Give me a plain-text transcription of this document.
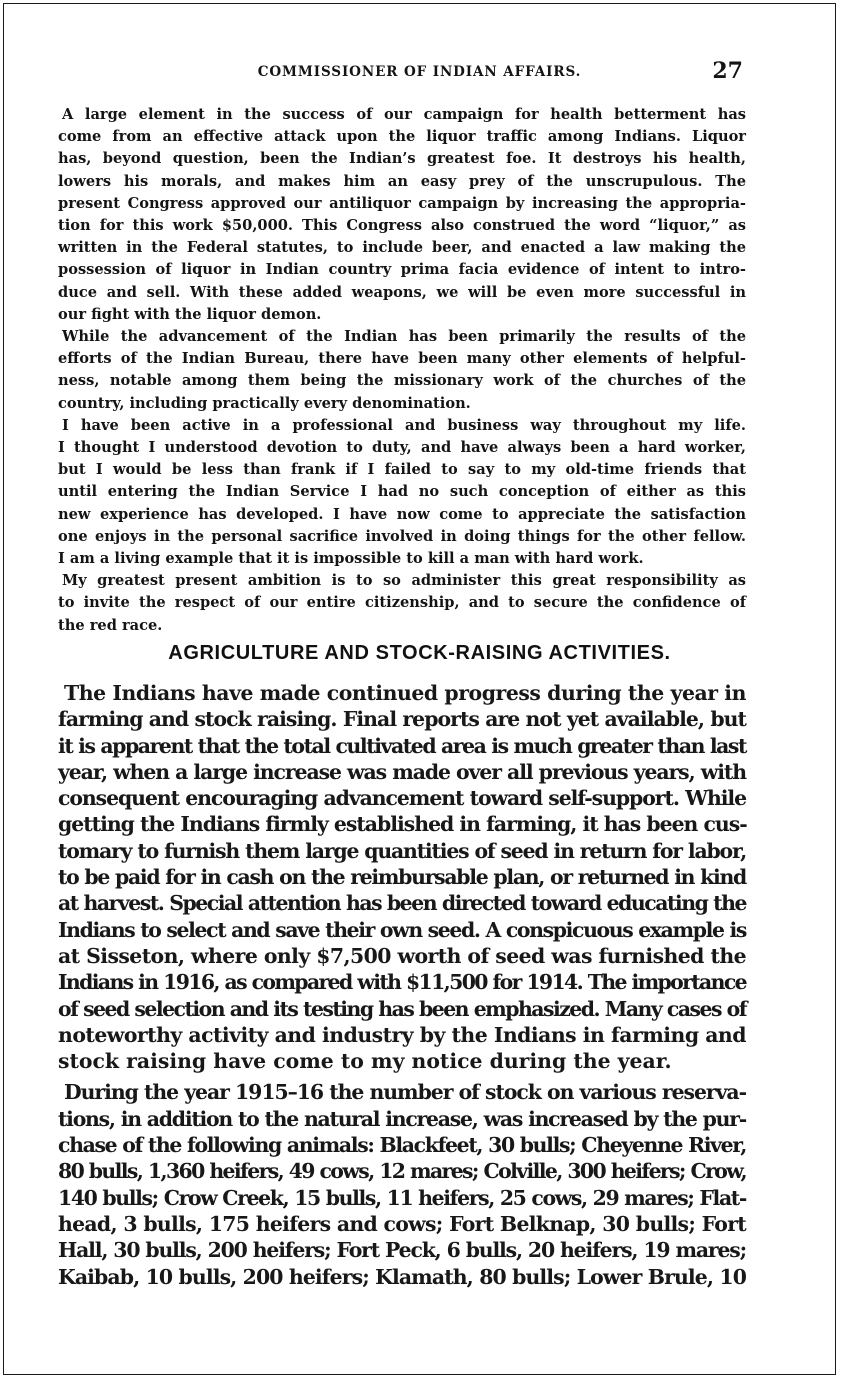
COMMISSIONER OF INDIAN AFFAIRS.	27
A large element in the success of our campaign for health betterment has
come from an effective attack upon the liquor traffic among Indians. Liquor
has, beyond question, been the Indian’s greatest foe. It destroys his health,
lowers his morals, and makes him an easy prey of the unscrupulous. The
present Congress approved our antiliquor campaign by increasing the appropria-
tion for this work $50,000. This Congress also construed the word “liquor,” as
written in the Federal statutes, to include beer, and enacted a law making the
possession of liquor in Indian country prima facia evidence of intent to intro-
duce and sell. With these added weapons, we will be even more successful in
our fight with the liquor demon.
While the advancement of the Indian has been primarily the results of the
efforts of the Indian Bureau, there have been many other elements of helpful-
ness, notable among them being the missionary work of the churches of the
country, including practically every denomination.
I have been active in a professional and business way throughout my life.
I thought I understood devotion to duty, and have always been a hard worker,
but I would be less than frank if I failed to say to my old-time friends that
until entering the Indian Service I had no such conception of either as this
new experience has developed. I have now come to appreciate the satisfaction
one enjoys in the personal sacrifice involved in doing things for the other fellow.
I am a living example that it is impossible to kill a man with hard work.
My greatest present ambition is to so administer this great responsibility as
to invite the respect of our entire citizenship, and to secure the confidence of
the red race.
AGRICULTURE AND STOCK-RAISING ACTIVITIES.
The Indians have made continued progress during the year in
farming and stock raising. Final reports are not yet available, but
it is apparent that the total cultivated area is much greater than last
year, when a large increase was made over all previous years, with
consequent encouraging advancement toward self-support. While
getting the Indians firmly established in farming, it has been cus-
tomary to furnish them large quantities of seed in return for labor,
to be paid for in cash on the reimbursable plan, or returned in kind
at harvest. Special attention has been directed toward educating the
Indians to select and save their own seed. A conspicuous example is
at Sisseton, where only $7,500 worth of seed was furnished the
Indians in 1916, as compared with $11,500 for 1914. The importance
of seed selection and its testing has been emphasized. Many cases of
noteworthy activity and industry by the Indians in farming and
stock raising have come to my notice during the year.
During the year 1915–16 the number of stock on various reserva-
tions, in addition to the natural increase, was increased by the pur-
chase of the following animals: Blackfeet, 30 bulls; Cheyenne River,
80 bulls, 1,360 heifers, 49 cows, 12 mares; Colville, 300 heifers; Crow,
140 bulls; Crow Creek, 15 bulls, 11 heifers, 25 cows, 29 mares; Flat-
head, 3 bulls, 175 heifers and cows; Fort Belknap, 30 bulls; Fort
Hall, 30 bulls, 200 heifers; Fort Peck, 6 bulls, 20 heifers, 19 mares;
Kaibab, 10 bulls, 200 heifers; Klamath, 80 bulls; Lower Brule, 10
